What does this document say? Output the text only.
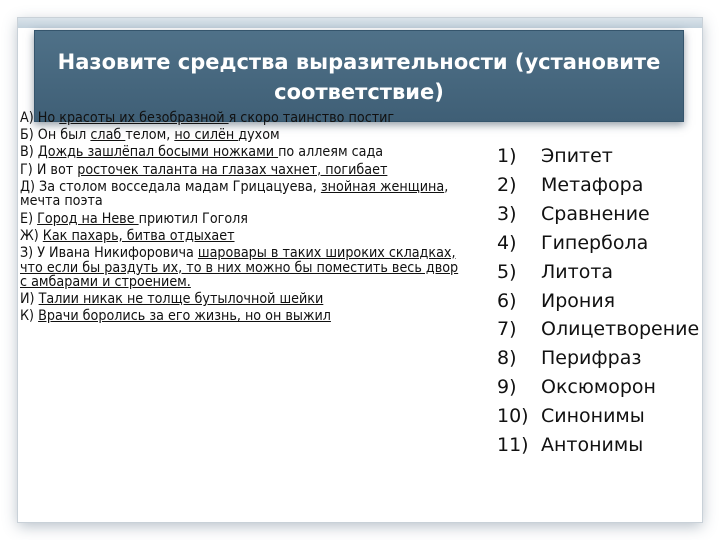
Назовите средства выразительности (установите соответствие)
А) Но красоты их безобразной я скоро таинство постиг
Б) Он был слаб телом, но силён духом
В) Дождь зашлёпал босыми ножками по аллеям сада
Г) И вот росточек таланта на глазах чахнет, погибает
Д) За столом восседала мадам Грицацуева, знойная женщина, мечта поэта
Е) Город на Неве приютил Гоголя
Ж) Как пахарь, битва отдыхает
З) У Ивана Никифоровича шаровары в таких широких складках, что если бы раздуть их, то в них можно бы поместить весь двор с амбарами и строением.
И) Талии никак не толще бутылочной шейки
К) Врачи боролись за его жизнь, но он выжил
1) Эпитет
2) Метафора
3) Сравнение
4) Гипербола
5) Литота
6) Ирония
7) Олицетворение
8) Перифраз
9) Оксюморон
10) Синонимы
11) Антонимы
